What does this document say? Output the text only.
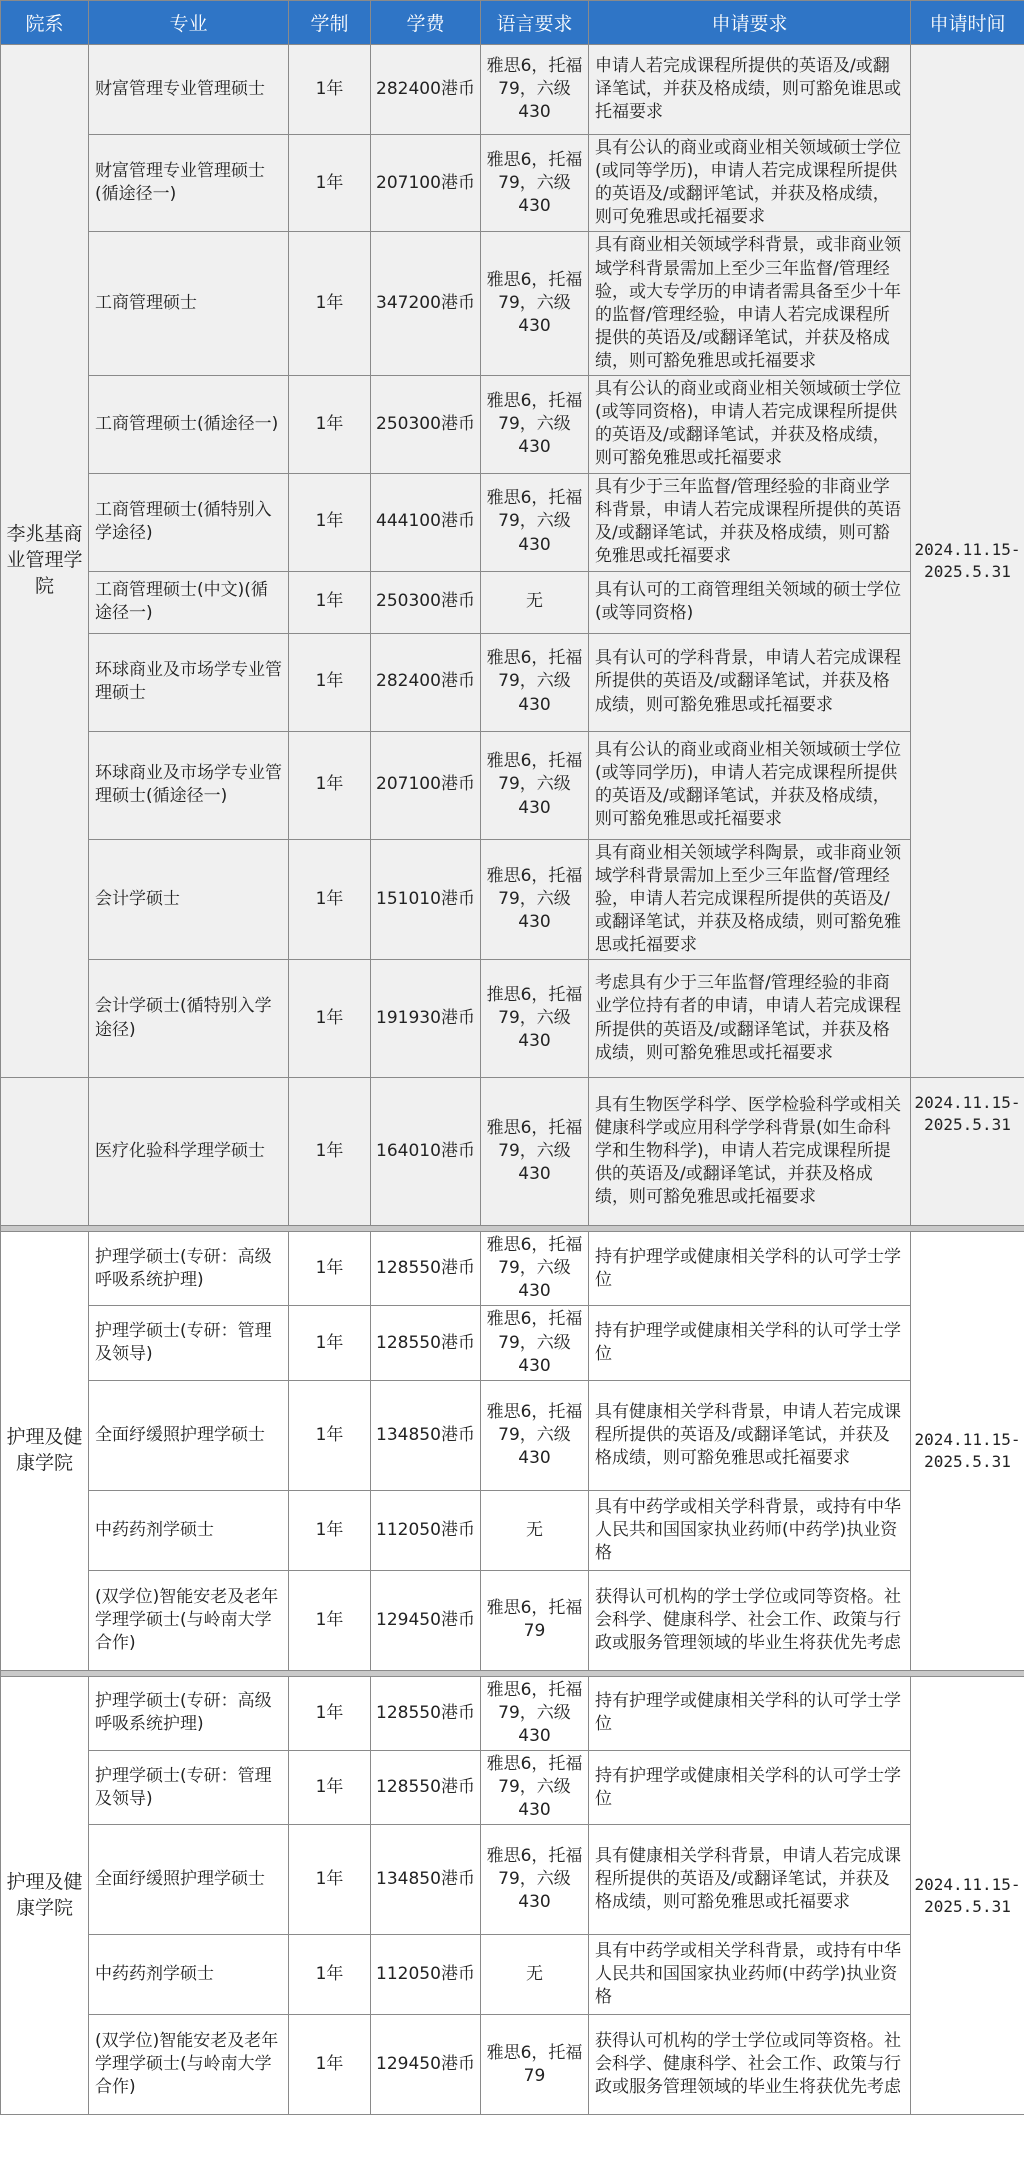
院系	专业	学制	学费	语言要求	申请要求	申请时间
李兆基商业管理学院	财富管理专业管理硕士	1年	282400港币	雅思6，托福79，六级430	申请人若完成课程所提供的英语及/或翻译笔试，并获及格成绩，则可豁免谁思或托福要求	2024.11.15-2025.5.31
	财富管理专业管理硕士(循途径一)	1年	207100港币	雅思6，托福79，六级430	具有公认的商业或商业相关领域硕士学位(或同等学历)，申请人若完成课程所提供的英语及/或翻评笔试，并获及格成绩，则可免雅思或托福要求	
	工商管理硕士	1年	347200港币	雅思6，托福79，六级430	具有商业相关领域学科背景，或非商业领域学科背景需加上至少三年监督/管理经验，或大专学历的申请者需具备至少十年的监督/管理经验，申请人若完成课程所提供的英语及/或翻译笔试，并获及格成绩，则可豁免雅思或托福要求	
	工商管理硕士(循途径一)	1年	250300港币	雅思6，托福79，六级430	具有公认的商业或商业相关领域硕士学位(或等同资格)，申请人若完成课程所提供的英语及/或翻译笔试，并获及格成绩，则可豁免雅思或托福要求	
	工商管理硕士(循特别入学途径)	1年	444100港币	雅思6，托福79，六级430	具有少于三年监督/管理经验的非商业学科背景，申请人若完成课程所提供的英语及/或翻译笔试，并获及格成绩，则可豁免雅思或托福要求	
	工商管理硕士(中文)(循途径一)	1年	250300港币	无	具有认可的工商管理组关领域的硕士学位(或等同资格)	
	环球商业及市场学专业管理硕士	1年	282400港币	雅思6，托福79，六级430	具有认可的学科背景，申请人若完成课程所提供的英语及/或翻译笔试，并获及格成绩，则可豁免雅思或托福要求	
	环球商业及市场学专业管理硕士(循途径一)	1年	207100港币	雅思6，托福79，六级430	具有公认的商业或商业相关领域硕士学位(或等同学历)，申请人若完成课程所提供的英语及/或翻译笔试，并获及格成绩，则可豁免雅思或托福要求	
	会计学硕士	1年	151010港币	雅思6，托福79，六级430	具有商业相关领域学科陶景，或非商业领域学科背景需加上至少三年监督/管理经验，申请人若完成课程所提供的英语及/或翻译笔试，并获及格成绩，则可豁免雅思或托福要求	
	会计学硕士(循特别入学途径)	1年	191930港币	推思6，托福79，六级430	考虑具有少于三年监督/管理经验的非商业学位持有者的申请，申请人若完成课程所提供的英语及/或翻译笔试，并获及格成绩，则可豁免雅思或托福要求	
	医疗化验科学理学硕士	1年	164010港币	雅思6，托福79，六级430	具有生物医学科学、医学检验科学或相关健康科学或应用科学学科背景(如生命科学和生物科学)，申请人若完成课程所提供的英语及/或翻译笔试，并获及格成绩，则可豁免雅思或托福要求	2024.11.15-2025.5.31

护理及健康学院	护理学硕士(专研：高级呼吸系统护理)	1年	128550港币	雅思6，托福79，六级430	持有护理学或健康相关学科的认可学士学位	2024.11.15-2025.5.31
	护理学硕士(专研：管理及领导)	1年	128550港币	雅思6，托福79，六级430	持有护理学或健康相关学科的认可学士学位	
	全面纾缓照护理学硕士	1年	134850港币	雅思6，托福79，六级430	具有健康相关学科背景，申请人若完成课程所提供的英语及/或翻译笔试，并获及格成绩，则可豁免雅思或托福要求	
	中药药剂学硕士	1年	112050港币	无	具有中药学或相关学科背景，或持有中华人民共和国国家执业药师(中药学)执业资格	
	(双学位)智能安老及老年学理学硕士(与岭南大学合作)	1年	129450港币	雅思6，托福79	获得认可机构的学士学位或同等资格。社会科学、健康科学、社会工作、政策与行政或服务管理领域的毕业生将获优先考虑	

护理及健康学院	护理学硕士(专研：高级呼吸系统护理)	1年	128550港币	雅思6，托福79，六级430	持有护理学或健康相关学科的认可学士学位	2024.11.15-2025.5.31
	护理学硕士(专研：管理及领导)	1年	128550港币	雅思6，托福79，六级430	持有护理学或健康相关学科的认可学士学位	
	全面纾缓照护理学硕士	1年	134850港币	雅思6，托福79，六级430	具有健康相关学科背景，申请人若完成课程所提供的英语及/或翻译笔试，并获及格成绩，则可豁免雅思或托福要求	
	中药药剂学硕士	1年	112050港币	无	具有中药学或相关学科背景，或持有中华人民共和国国家执业药师(中药学)执业资格	
	(双学位)智能安老及老年学理学硕士(与岭南大学合作)	1年	129450港币	雅思6，托福79	获得认可机构的学士学位或同等资格。社会科学、健康科学、社会工作、政策与行政或服务管理领域的毕业生将获优先考虑	
